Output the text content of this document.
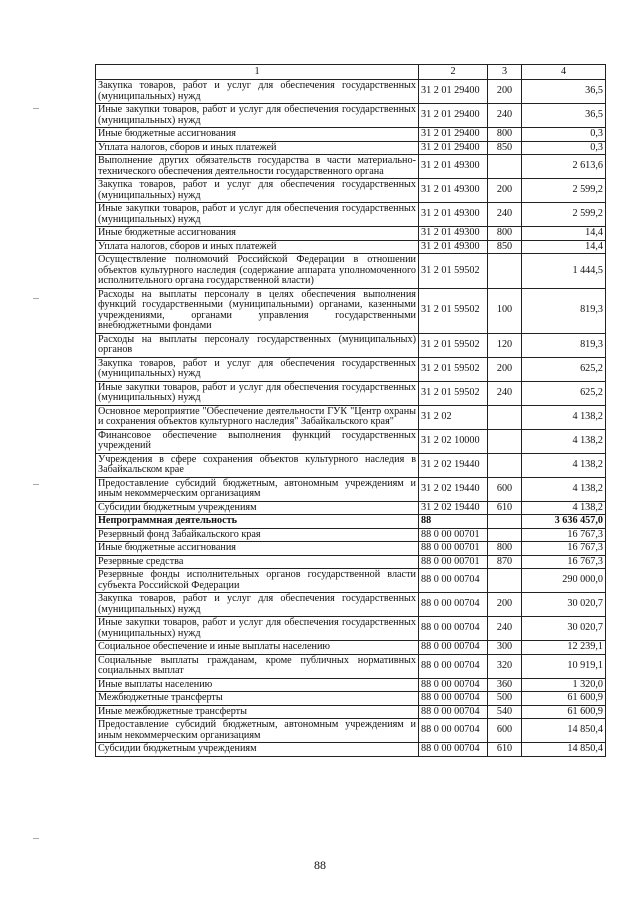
1	2	3	4
Закупка товаров, работ и услуг для обеспечения государственных (муниципальных) нужд	31 2 01 29400	200	36,5
Иные закупки товаров, работ и услуг для обеспечения государственных (муниципальных) нужд	31 2 01 29400	240	36,5
Иные бюджетные ассигнования	31 2 01 29400	800	0,3
Уплата налогов, сборов и иных платежей	31 2 01 29400	850	0,3
Выполнение других обязательств государства в части материально-технического обеспечения деятельности государственного органа	31 2 01 49300		2 613,6
Закупка товаров, работ и услуг для обеспечения государственных (муниципальных) нужд	31 2 01 49300	200	2 599,2
Иные закупки товаров, работ и услуг для обеспечения государственных (муниципальных) нужд	31 2 01 49300	240	2 599,2
Иные бюджетные ассигнования	31 2 01 49300	800	14,4
Уплата налогов, сборов и иных платежей	31 2 01 49300	850	14,4
Осуществление полномочий Российской Федерации в отношении объектов культурного наследия (содержание аппарата уполномоченного исполнительного органа государственной власти)	31 2 01 59502		1 444,5
Расходы на выплаты персоналу в целях обеспечения выполнения функций государственными (муниципальными) органами, казенными учреждениями, органами управления государственными внебюджетными фондами	31 2 01 59502	100	819,3
Расходы на выплаты персоналу государственных (муниципальных) органов	31 2 01 59502	120	819,3
Закупка товаров, работ и услуг для обеспечения государственных (муниципальных) нужд	31 2 01 59502	200	625,2
Иные закупки товаров, работ и услуг для обеспечения государственных (муниципальных) нужд	31 2 01 59502	240	625,2
Основное мероприятие "Обеспечение деятельности ГУК "Центр охраны и сохранения объектов культурного наследия" Забайкальского края"	31 2 02		4 138,2
Финансовое обеспечение выполнения функций государственных учреждений	31 2 02 10000		4 138,2
Учреждения в сфере сохранения объектов культурного наследия в Забайкальском крае	31 2 02 19440		4 138,2
Предоставление субсидий бюджетным, автономным учреждениям и иным некоммерческим организациям	31 2 02 19440	600	4 138,2
Субсидии бюджетным учреждениям	31 2 02 19440	610	4 138,2
Непрограммная деятельность	88		3 636 457,0
Резервный фонд Забайкальского края	88 0 00 00701		16 767,3
Иные бюджетные ассигнования	88 0 00 00701	800	16 767,3
Резервные средства	88 0 00 00701	870	16 767,3
Резервные фонды исполнительных органов государственной власти субъекта Российской Федерации	88 0 00 00704		290 000,0
Закупка товаров, работ и услуг для обеспечения государственных (муниципальных) нужд	88 0 00 00704	200	30 020,7
Иные закупки товаров, работ и услуг для обеспечения государственных (муниципальных) нужд	88 0 00 00704	240	30 020,7
Социальное обеспечение и иные выплаты населению	88 0 00 00704	300	12 239,1
Социальные выплаты гражданам, кроме публичных нормативных социальных выплат	88 0 00 00704	320	10 919,1
Иные выплаты населению	88 0 00 00704	360	1 320,0
Межбюджетные трансферты	88 0 00 00704	500	61 600,9
Иные межбюджетные трансферты	88 0 00 00704	540	61 600,9
Предоставление субсидий бюджетным, автономным учреждениям и иным некоммерческим организациям	88 0 00 00704	600	14 850,4
Субсидии бюджетным учреждениям	88 0 00 00704	610	14 850,4
88
